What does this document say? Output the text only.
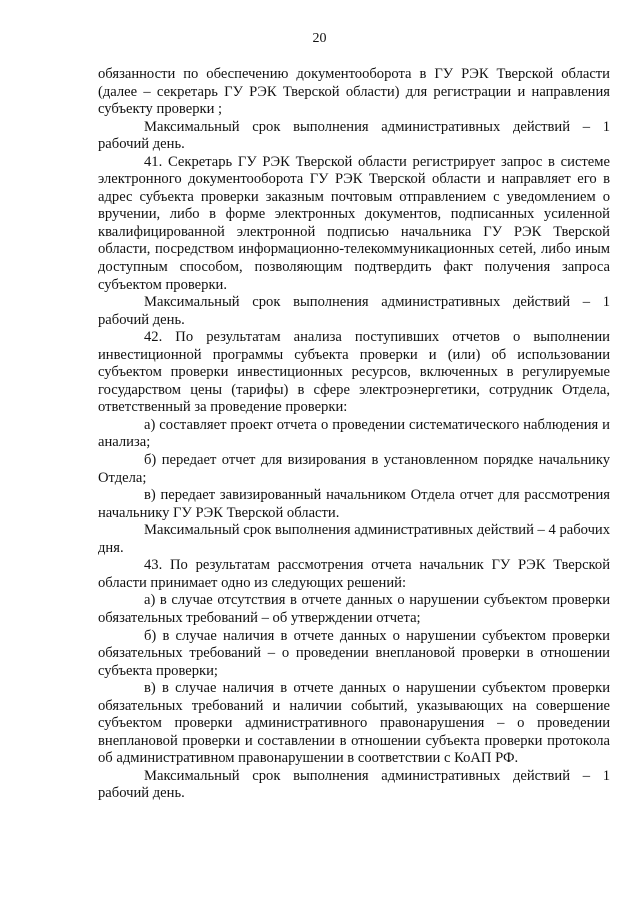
20

обязанности по обеспечению документооборота в ГУ РЭК Тверской области (далее – секретарь ГУ РЭК Тверской области) для регистрации и направления субъекту проверки ;

Максимальный срок выполнения административных действий – 1 рабочий день.

41. Секретарь ГУ РЭК Тверской области регистрирует запрос в системе электронного документооборота ГУ РЭК Тверской области и направляет его в адрес субъекта проверки заказным почтовым отправлением с уведомлением о вручении, либо в форме электронных документов, подписанных усиленной квалифицированной электронной подписью начальника ГУ РЭК Тверской области, посредством информационно-телекоммуникационных сетей, либо иным доступным способом, позволяющим подтвердить факт получения запроса субъектом проверки.

Максимальный срок выполнения административных действий – 1 рабочий день.

42. По результатам анализа поступивших отчетов о выполнении инвестиционной программы субъекта проверки и (или) об использовании субъектом проверки инвестиционных ресурсов, включенных в регулируемые государством цены (тарифы) в сфере электроэнергетики, сотрудник Отдела, ответственный за проведение проверки:

а) составляет проект отчета о проведении систематического наблюдения и анализа;

б) передает отчет для визирования в установленном порядке начальнику Отдела;

в) передает завизированный начальником Отдела отчет для рассмотрения начальнику ГУ РЭК Тверской области.

Максимальный срок выполнения административных действий – 4 рабочих дня.

43. По результатам рассмотрения отчета начальник ГУ РЭК Тверской области принимает одно из следующих решений:

а) в случае отсутствия в отчете данных о нарушении субъектом проверки обязательных требований – об утверждении отчета;

б) в случае наличия в отчете данных о нарушении субъектом проверки обязательных требований – о проведении внеплановой проверки в отношении субъекта проверки;

в) в случае наличия в отчете данных о нарушении субъектом проверки обязательных требований и наличии событий, указывающих на совершение субъектом проверки административного правонарушения – о проведении внеплановой проверки и составлении в отношении субъекта проверки протокола об административном правонарушении в соответствии с КоАП РФ.

Максимальный срок выполнения административных действий – 1 рабочий день.
